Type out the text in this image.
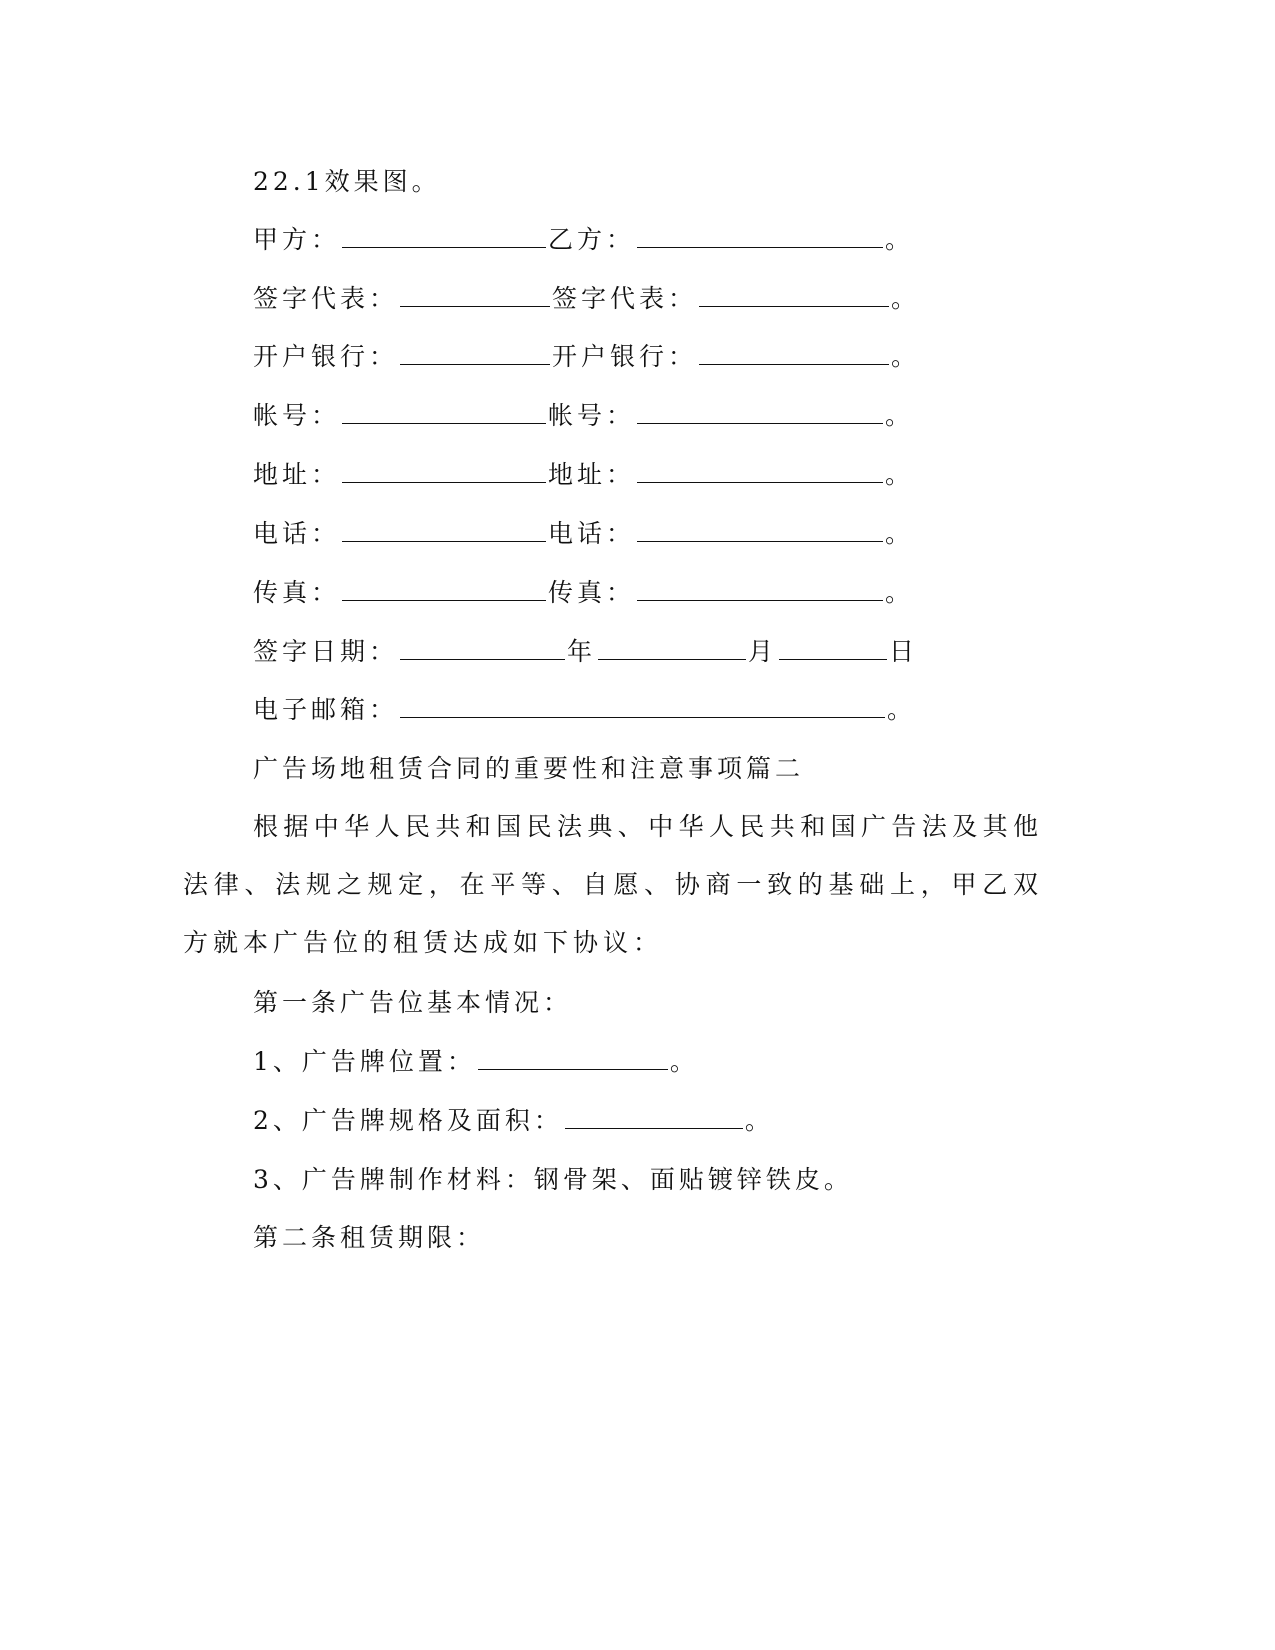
22.1效果图。
甲方：	乙方：	。
签字代表：	签字代表：	。
开户银行：	开户银行：	。
帐号：	帐号：	。
地址：	地址：	。
电话：	电话：	。
传真：	传真：	。
签字日期：	年	月	日
电子邮箱：	。
广告场地租赁合同的重要性和注意事项篇二
根据中华人民共和国民法典、中华人民共和国广告法及其他法律、法规之规定，在平等、自愿、协商一致的基础上，甲乙双方就本广告位的租赁达成如下协议：
第一条广告位基本情况：
1、广告牌位置：	。
2、广告牌规格及面积：	。
3、广告牌制作材料：钢骨架、面贴镀锌铁皮。
第二条租赁期限：
